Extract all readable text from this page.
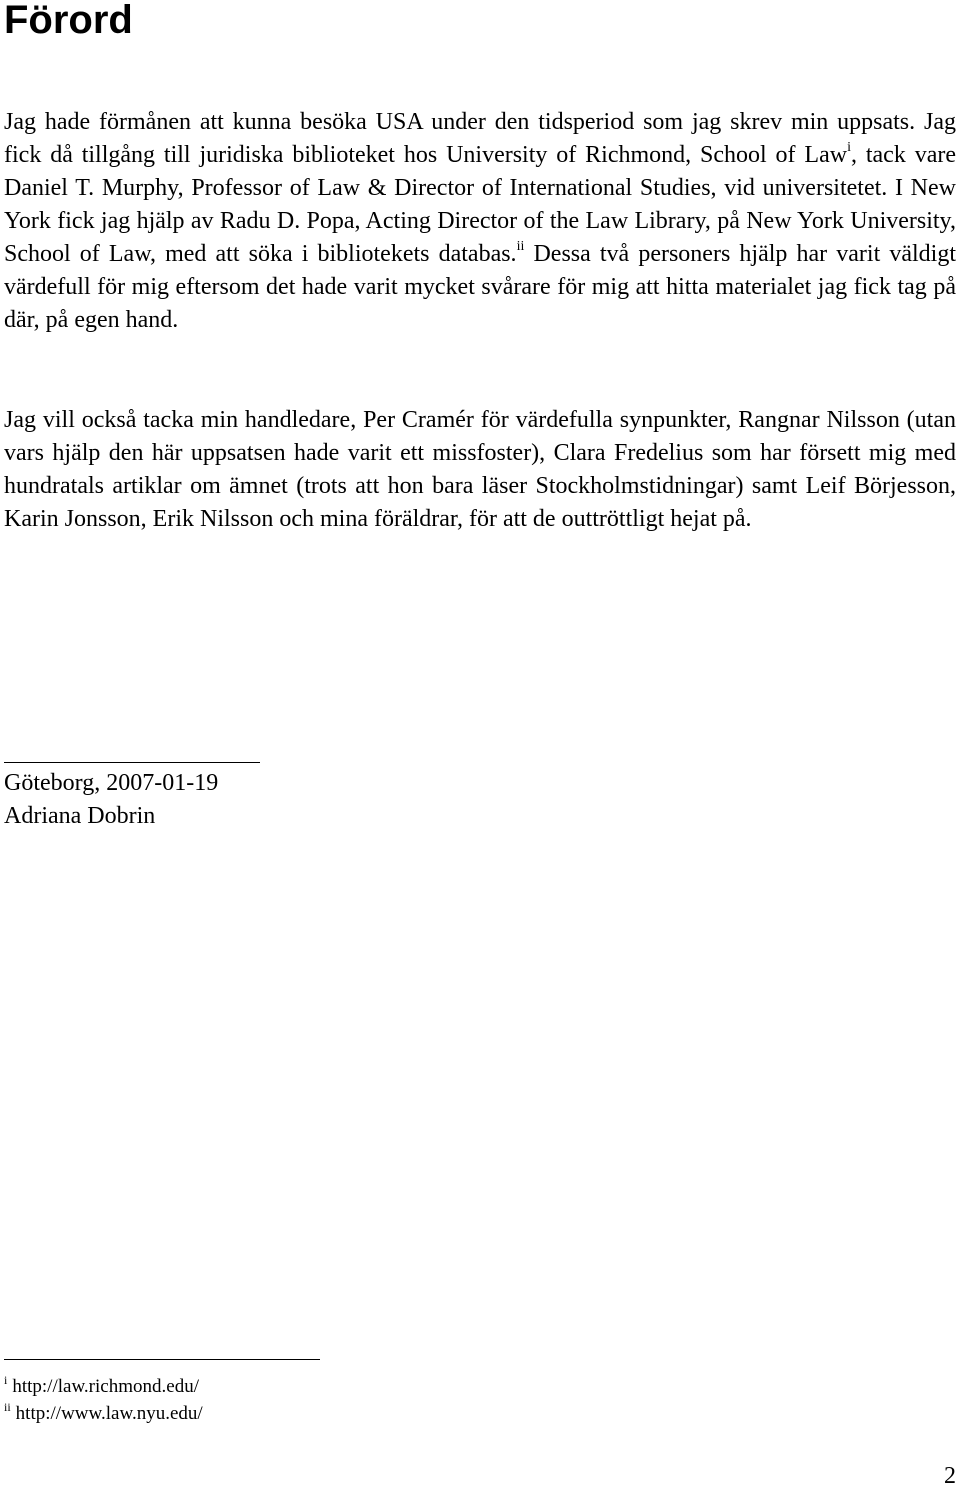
Förord

Jag hade förmånen att kunna besöka USA under den tidsperiod som jag skrev min uppsats. Jag fick då tillgång till juridiska biblioteket hos University of Richmond, School of Law$^i$, tack vare Daniel T. Murphy, Professor of Law & Director of International Studies, vid universitetet. I New York fick jag hjälp av Radu D. Popa, Acting Director of the Law Library, på New York University, School of Law, med att söka i bibliotekets databas.$^{ii}$ Dessa två personers hjälp har varit väldigt värdefull för mig eftersom det hade varit mycket svårare för mig att hitta materialet jag fick tag på där, på egen hand.

Jag vill också tacka min handledare, Per Cramér för värdefulla synpunkter, Rangnar Nilsson (utan vars hjälp den här uppsatsen hade varit ett missfoster), Clara Fredelius som har försett mig med hundratals artiklar om ämnet (trots att hon bara läser Stockholmstidningar) samt Leif Börjesson, Karin Jonsson, Erik Nilsson och mina föräldrar, för att de outtröttligt hejat på.

Göteborg, 2007-01-19

Adriana Dobrin

$^i$ http://law.richmond.edu/

$^{ii}$ http://www.law.nyu.edu/

2
